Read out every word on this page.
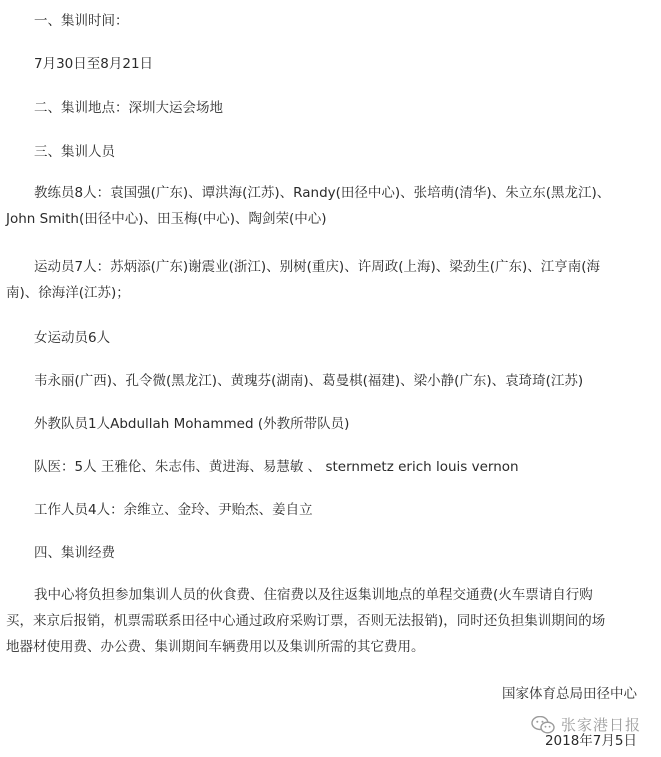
一、集训时间：

7月30日至8月21日

二、集训地点：深圳大运会场地

三、集训人员

教练员8人：袁国强(广东)、谭洪海(江苏)、Randy(田径中心)、张培萌(清华)、朱立东(黑龙江)、
John Smith(田径中心)、田玉梅(中心)、陶剑荣(中心)

运动员7人：苏炳添(广东)谢震业(浙江)、别树(重庆)、许周政(上海)、梁劲生(广东)、江亨南(海
南)、徐海洋(江苏)；

女运动员6人

韦永丽(广西)、孔令微(黑龙江)、黄瑰芬(湖南)、葛曼棋(福建)、梁小静(广东)、袁琦琦(江苏)

外教队员1人Abdullah Mohammed (外教所带队员)

队医：5人 王雅伦、朱志伟、黄进海、易慧敏 、 sternmetz erich louis vernon

工作人员4人：余维立、金玲、尹贻杰、姜自立

四、集训经费

我中心将负担参加集训人员的伙食费、住宿费以及往返集训地点的单程交通费(火车票请自行购
买，来京后报销，机票需联系田径中心通过政府采购订票，否则无法报销)，同时还负担集训期间的场
地器材使用费、办公费、集训期间车辆费用以及集训所需的其它费用。

国家体育总局田径中心

2018年7月5日

张家港日报
